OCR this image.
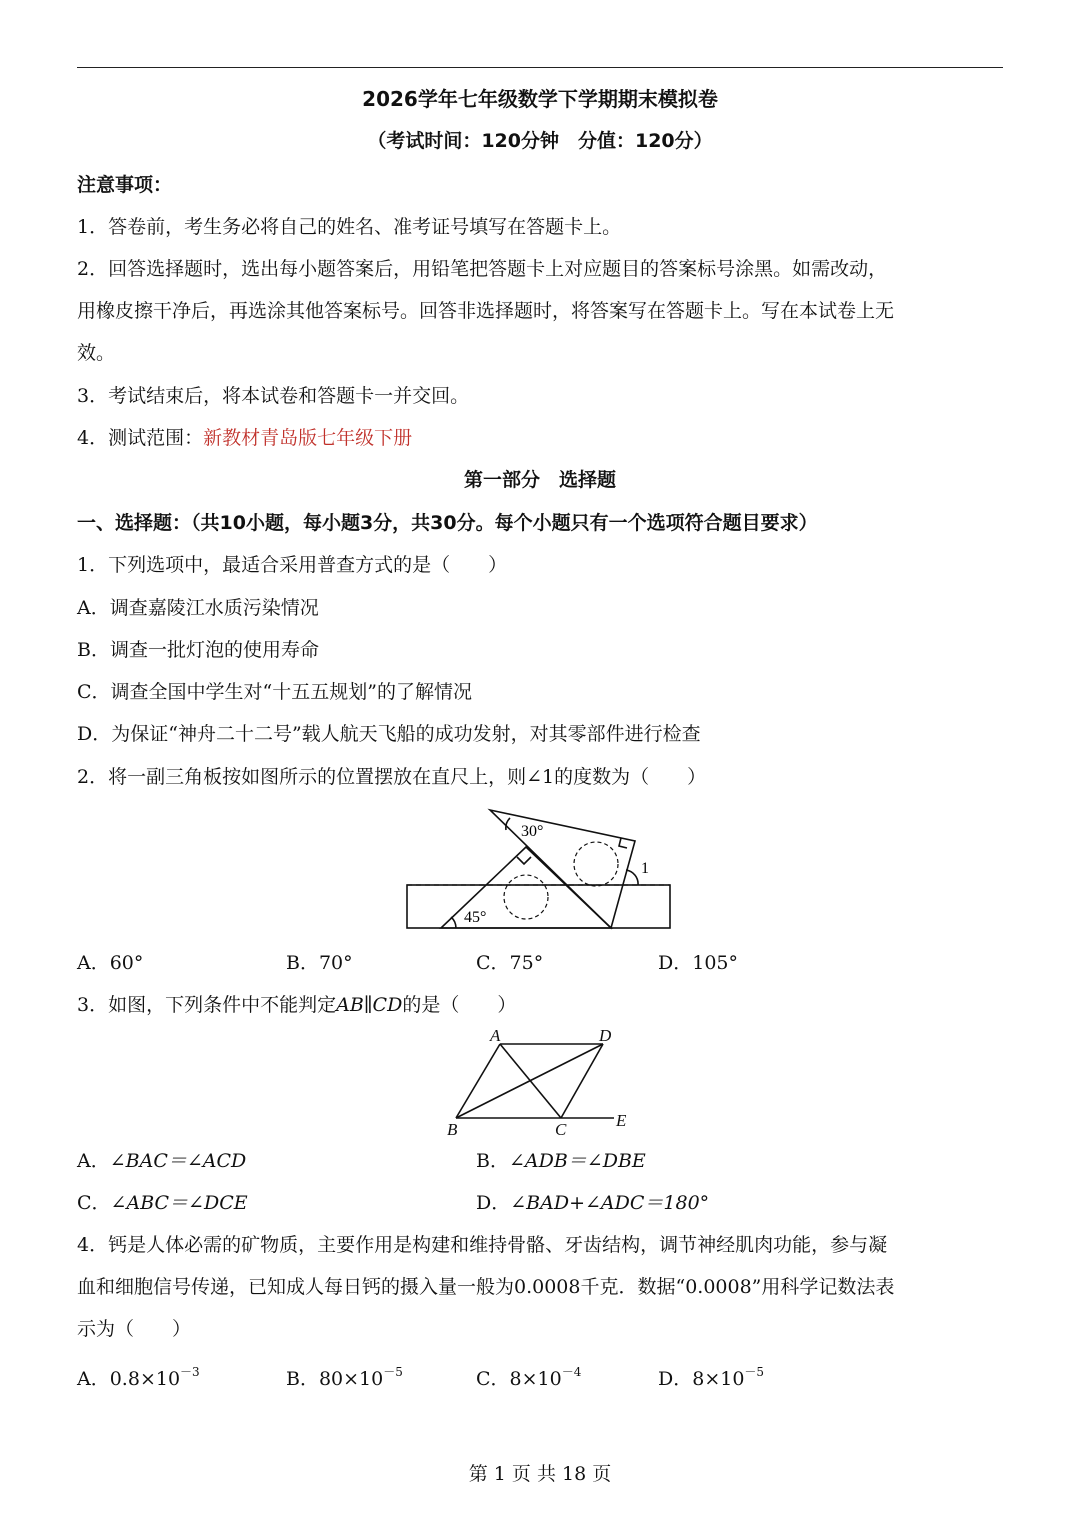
2026学年七年级数学下学期期末模拟卷
（考试时间：120分钟　分值：120分）
注意事项：
1．答卷前，考生务必将自己的姓名、准考证号填写在答题卡上。
2．回答选择题时，选出每小题答案后，用铅笔把答题卡上对应题目的答案标号涂黑。如需改动，
用橡皮擦干净后，再选涂其他答案标号。回答非选择题时，将答案写在答题卡上。写在本试卷上无
效。
3．考试结束后，将本试卷和答题卡一并交回。
4．测试范围：新教材青岛版七年级下册
第一部分　选择题
一、选择题：（共10小题，每小题3分，共30分。每个小题只有一个选项符合题目要求）
1．下列选项中，最适合采用普查方式的是（　　）
A．调查嘉陵江水质污染情况
B．调查一批灯泡的使用寿命
C．调查全国中学生对“十五五规划”的了解情况
D．为保证“神舟二十二号”载人航天飞船的成功发射，对其零部件进行检查
2．将一副三角板按如图所示的位置摆放在直尺上，则∠1的度数为（　　）
30°
45°
1
A．60°	B．70°	C．75°	D．105°
3．如图，下列条件中不能判定AB∥CD的是（　　）
A	D
B	C	E
A．∠BAC＝∠ACD	B．∠ADB＝∠DBE
C．∠ABC＝∠DCE	D．∠BAD+∠ADC＝180°
4．钙是人体必需的矿物质，主要作用是构建和维持骨骼、牙齿结构，调节神经肌肉功能，参与凝
血和细胞信号传递，已知成人每日钙的摄入量一般为0.0008千克．数据“0.0008”用科学记数法表
示为（　　）
A．$0.8\times 10^{-3}$	B．$80\times 10^{-5}$	C．$8\times 10^{-4}$	D．$8\times 10^{-5}$
第 1 页 共 18 页
